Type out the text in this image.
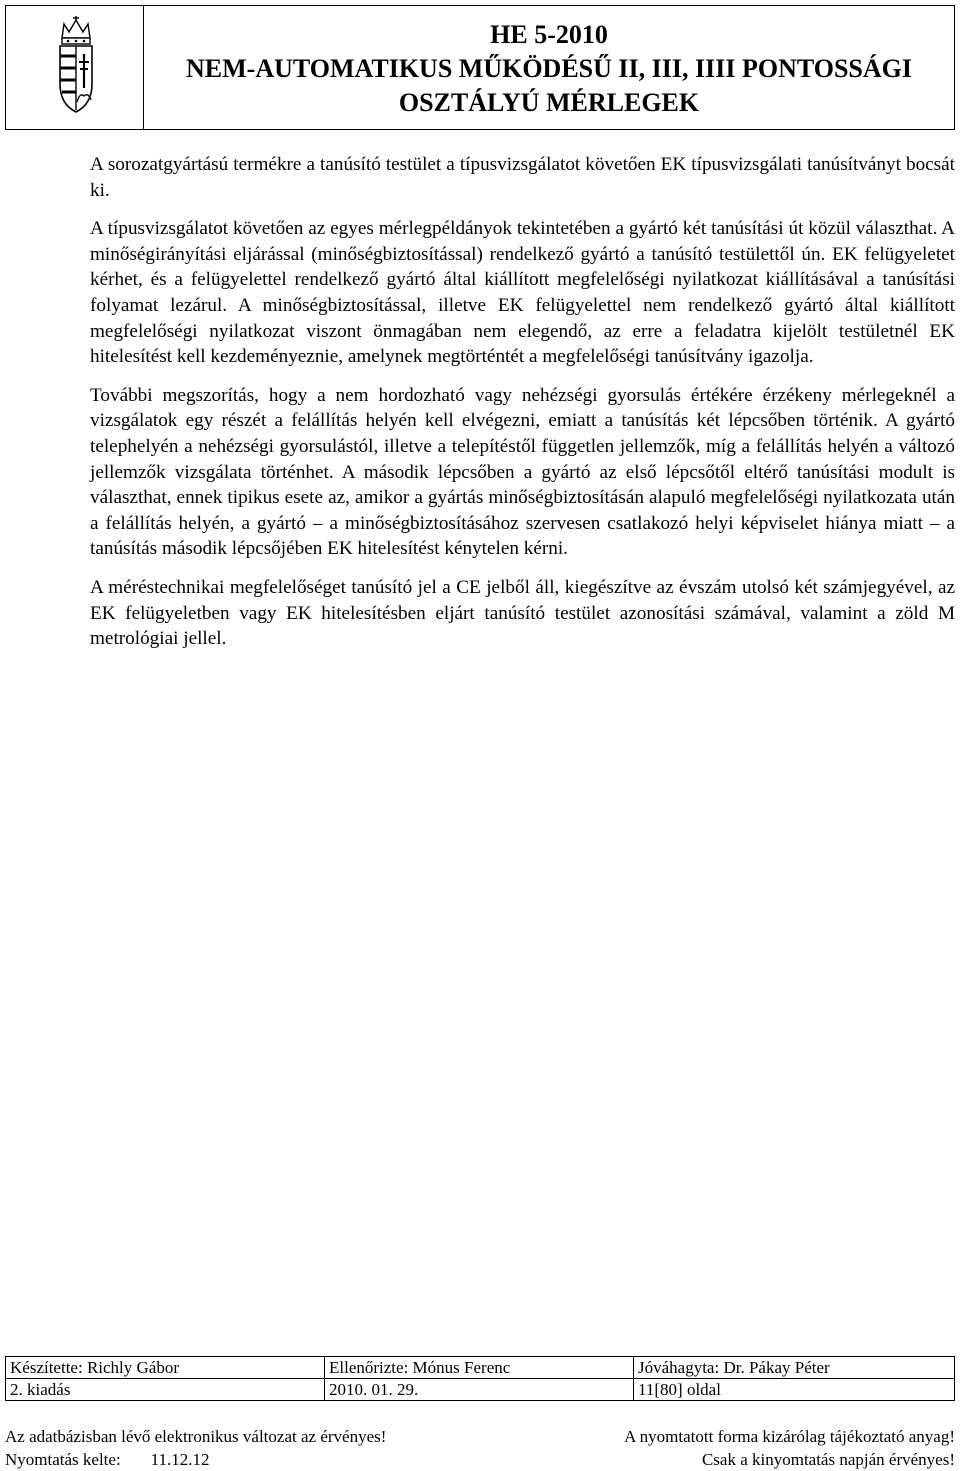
HE 5-2010
NEM-AUTOMATIKUS MŰKÖDÉSŰ II, III, IIII PONTOSSÁGI
OSZTÁLYÚ MÉRLEGEK

A sorozatgyártású termékre a tanúsító testület a típusvizsgálatot követően EK típusvizsgálati tanúsítványt bocsát ki.

A típusvizsgálatot követően az egyes mérlegpéldányok tekintetében a gyártó két tanúsítási út közül választhat. A minőségirányítási eljárással (minőségbiztosítással) rendelkező gyártó a tanúsító testülettől ún. EK felügyeletet kérhet, és a felügyelettel rendelkező gyártó által kiállított megfelelőségi nyilatkozat kiállításával a tanúsítási folyamat lezárul. A minőségbiztosítással, illetve EK felügyelettel nem rendelkező gyártó által kiállított megfelelőségi nyilatkozat viszont önmagában nem elegendő, az erre a feladatra kijelölt testületnél EK hitelesítést kell kezdeményeznie, amelynek megtörténtét a megfelelőségi tanúsítvány igazolja.

További megszorítás, hogy a nem hordozható vagy nehézségi gyorsulás értékére érzékeny mérlegeknél a vizsgálatok egy részét a felállítás helyén kell elvégezni, emiatt a tanúsítás két lépcsőben történik. A gyártó telephelyén a nehézségi gyorsulástól, illetve a telepítéstől független jellemzők, míg a felállítás helyén a változó jellemzők vizsgálata történhet. A második lépcsőben a gyártó az első lépcsőtől eltérő tanúsítási modult is választhat, ennek tipikus esete az, amikor a gyártás minőségbiztosításán alapuló megfelelőségi nyilatkozata után a felállítás helyén, a gyártó – a minőségbiztosításához szervesen csatlakozó helyi képviselet hiánya miatt – a tanúsítás második lépcsőjében EK hitelesítést kénytelen kérni.

A méréstechnikai megfelelőséget tanúsító jel a CE jelből áll, kiegészítve az évszám utolsó két számjegyével, az EK felügyeletben vagy EK hitelesítésben eljárt tanúsító testület azonosítási számával, valamint a zöld M metrológiai jellel.

Készítette: Richly Gábor	Ellenőrizte: Mónus Ferenc	Jóváhagyta: Dr. Pákay Péter
2. kiadás	2010. 01. 29.	11[80] oldal
Az adatbázisban lévő elektronikus változat az érvényes!	A nyomtatott forma kizárólag tájékoztató anyag!
Nyomtatás kelte: 11.12.12	Csak a kinyomtatás napján érvényes!
